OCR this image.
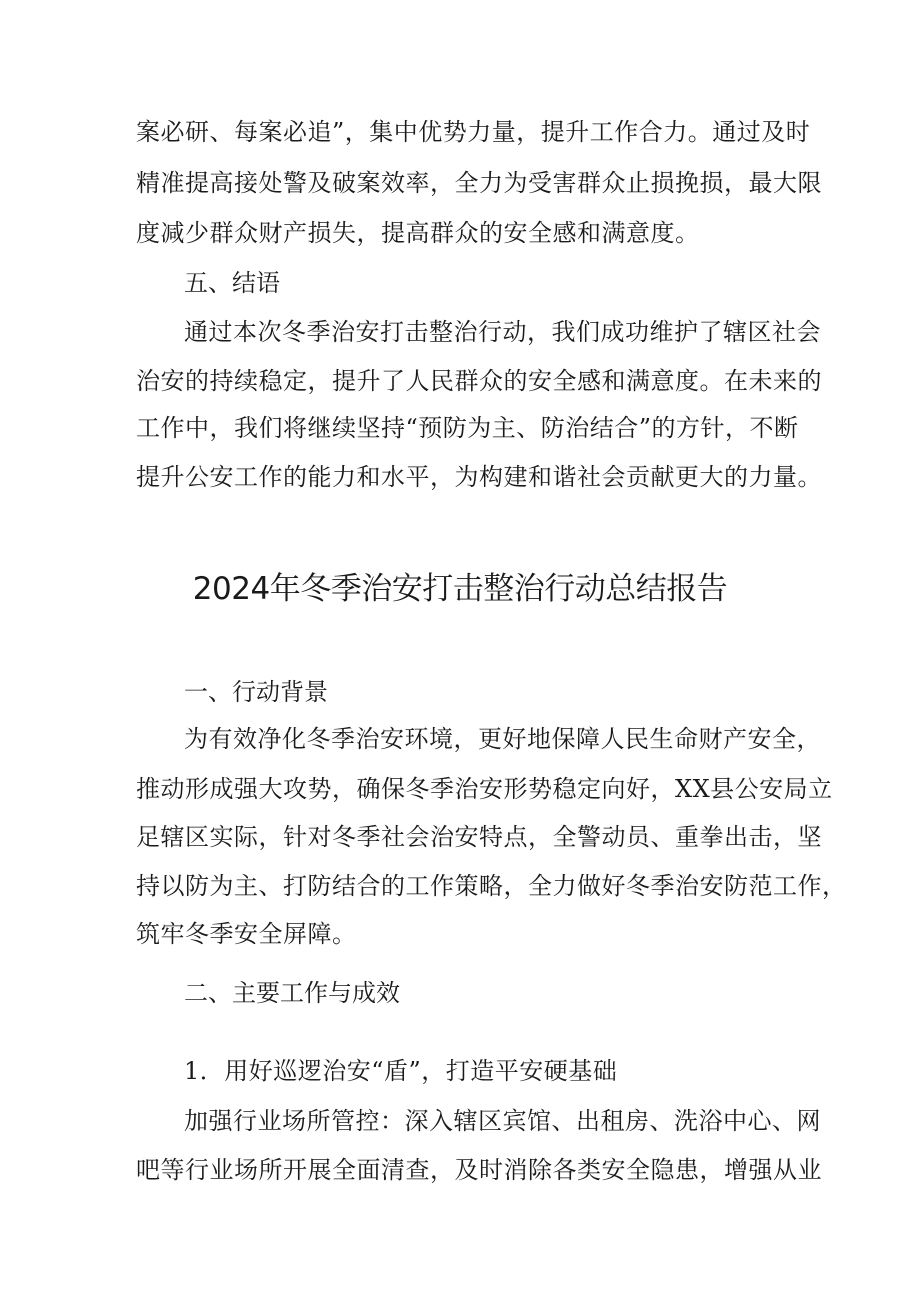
案必研、每案必追”，集中优势力量，提升工作合力。通过及时
精准提高接处警及破案效率，全力为受害群众止损挽损，最大限
度减少群众财产损失，提高群众的安全感和满意度。
五、结语
通过本次冬季治安打击整治行动，我们成功维护了辖区社会
治安的持续稳定，提升了人民群众的安全感和满意度。在未来的
工作中，我们将继续坚持“预防为主、防治结合”的方针，不断
提升公安工作的能力和水平，为构建和谐社会贡献更大的力量。
2024年冬季治安打击整治行动总结报告
一、行动背景
为有效净化冬季治安环境，更好地保障人民生命财产安全，
推动形成强大攻势，确保冬季治安形势稳定向好，XX县公安局立
足辖区实际，针对冬季社会治安特点，全警动员、重拳出击，坚
持以防为主、打防结合的工作策略，全力做好冬季治安防范工作，
筑牢冬季安全屏障。
二、主要工作与成效
1．用好巡逻治安“盾”，打造平安硬基础
加强行业场所管控：深入辖区宾馆、出租房、洗浴中心、网
吧等行业场所开展全面清查，及时消除各类安全隐患，增强从业
